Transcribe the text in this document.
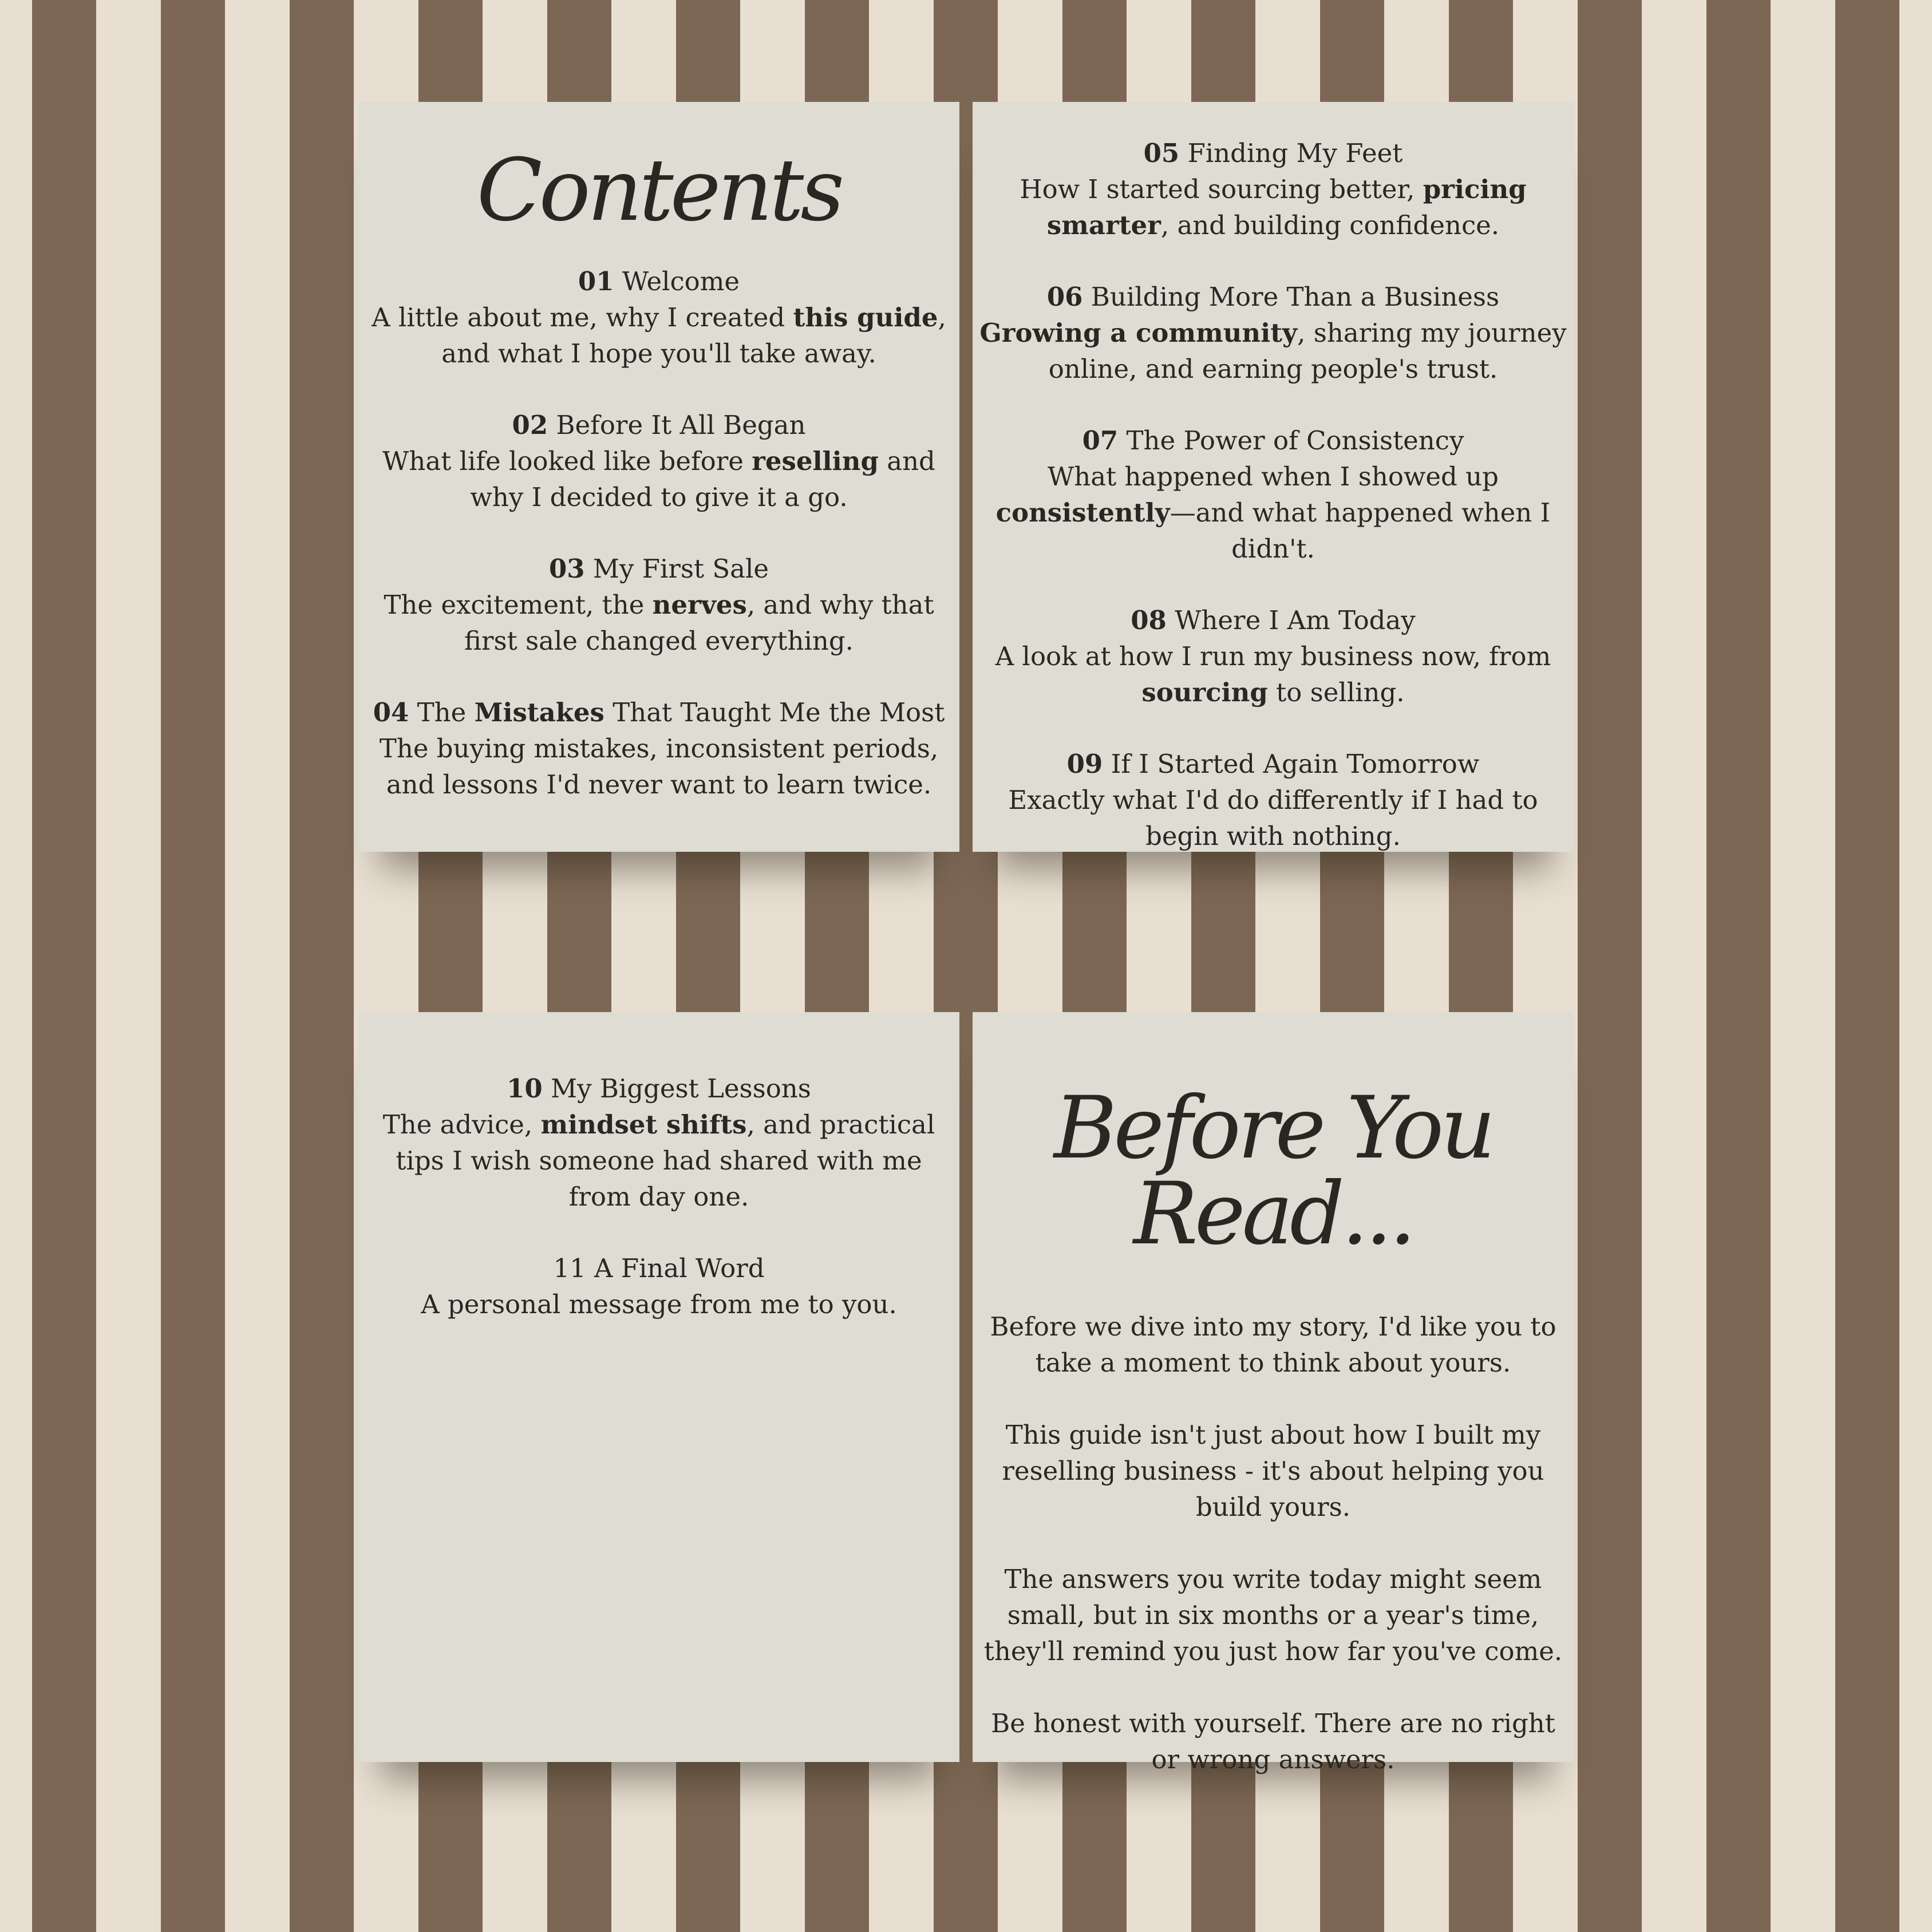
Contents
01 Welcome
A little about me, why I created this guide, and what I hope you'll take away.
02 Before It All Began
What life looked like before reselling and why I decided to give it a go.
03 My First Sale
The excitement, the nerves, and why that first sale changed everything.
04 The Mistakes That Taught Me the Most
The buying mistakes, inconsistent periods, and lessons I'd never want to learn twice.
05 Finding My Feet
How I started sourcing better, pricing smarter, and building confidence.
06 Building More Than a Business
Growing a community, sharing my journey online, and earning people's trust.
07 The Power of Consistency
What happened when I showed up consistently—and what happened when I didn't.
08 Where I Am Today
A look at how I run my business now, from sourcing to selling.
09 If I Started Again Tomorrow
Exactly what I'd do differently if I had to begin with nothing.
10 My Biggest Lessons
The advice, mindset shifts, and practical tips I wish someone had shared with me from day one.
11 A Final Word
A personal message from me to you.
Before You Read...

Before we dive into my story, I'd like you to take a moment to think about yours.

This guide isn't just about how I built my reselling business - it's about helping you build yours.

The answers you write today might seem small, but in six months or a year's time, they'll remind you just how far you've come.

Be honest with yourself. There are no right or wrong answers.
